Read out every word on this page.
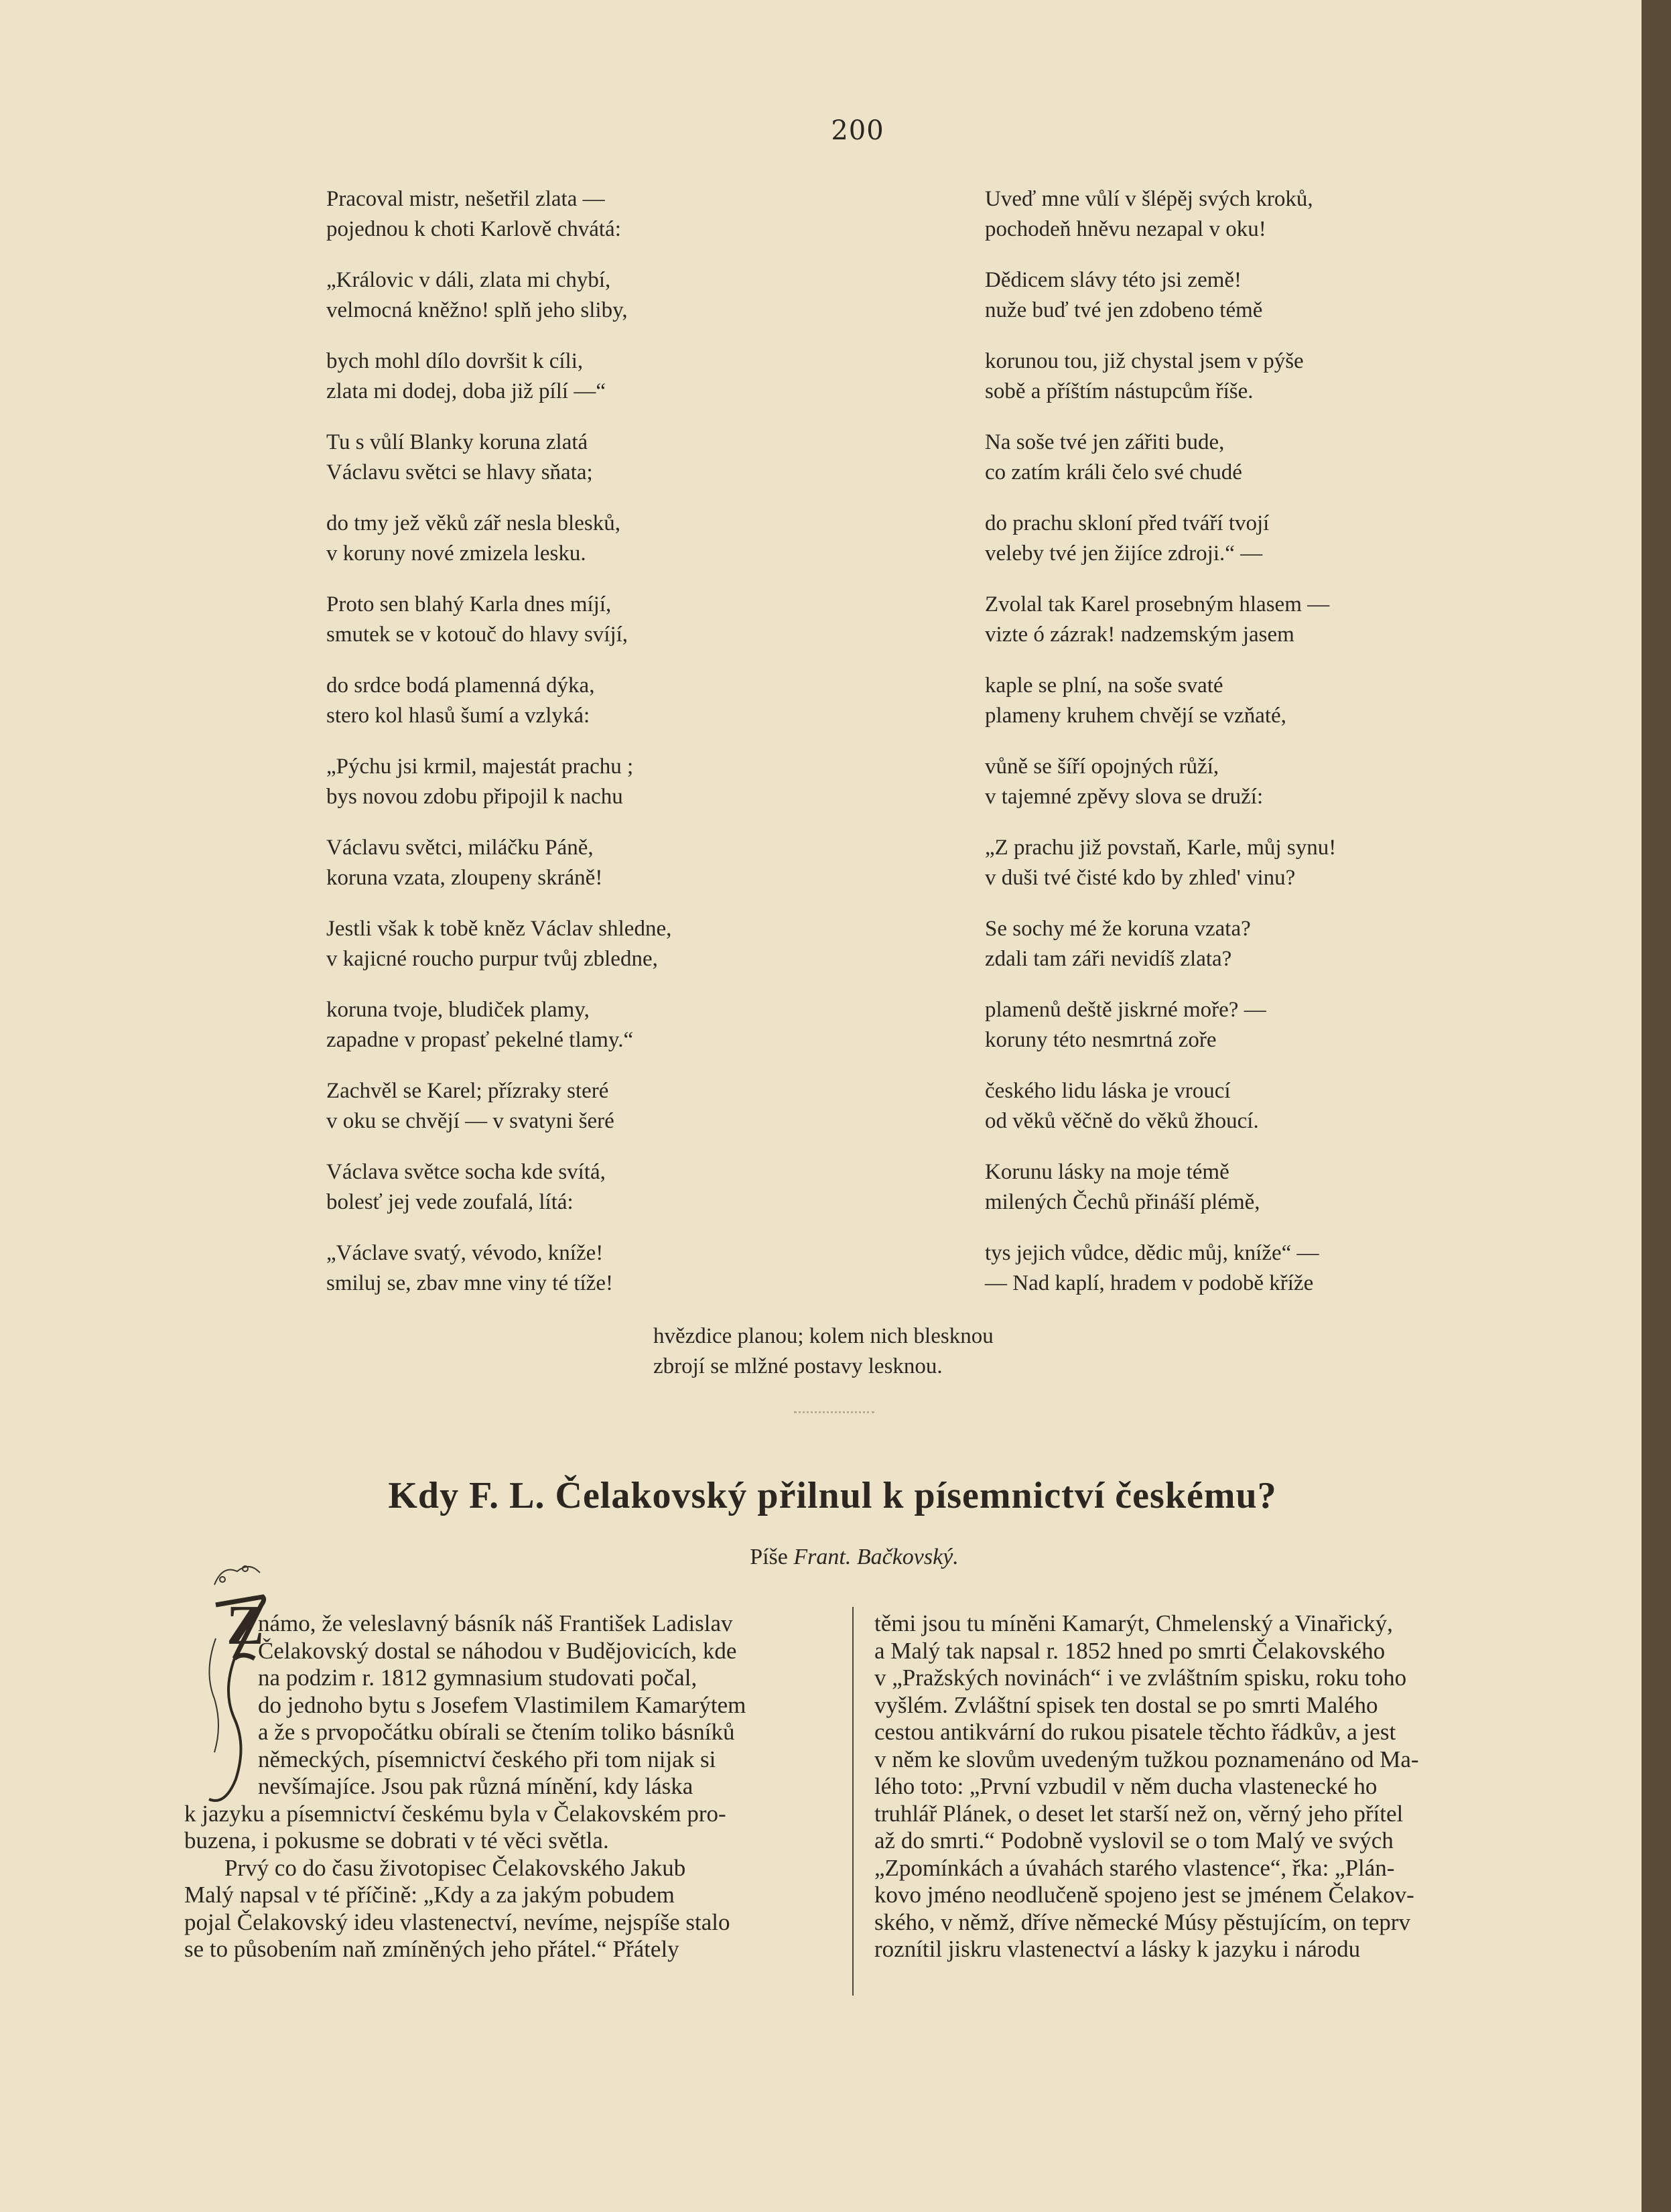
200
Pracoval mistr, nešetřil zlata —
pojednou k choti Karlově chvátá:
„Královic v dáli, zlata mi chybí,
velmocná kněžno! splň jeho sliby,
bych mohl dílo dovršit k cíli,
zlata mi dodej, doba již pílí —“
Tu s vůlí Blanky koruna zlatá
Václavu světci se hlavy sňata;
do tmy jež věků zář nesla blesků,
v koruny nové zmizela lesku.
Proto sen blahý Karla dnes míjí,
smutek se v kotouč do hlavy svíjí,
do srdce bodá plamenná dýka,
stero kol hlasů šumí a vzlyká:
„Pýchu jsi krmil, majestát prachu ;
bys novou zdobu připojil k nachu
Václavu světci, miláčku Páně,
koruna vzata, zloupeny skráně!
Jestli však k tobě kněz Václav shledne,
v kajicné roucho purpur tvůj zbledne,
koruna tvoje, bludiček plamy,
zapadne v propasť pekelné tlamy.“
Zachvěl se Karel; přízraky steré
v oku se chvějí — v svatyni šeré
Václava světce socha kde svítá,
bolesť jej vede zoufalá, lítá:
„Václave svatý, vévodo, kníže!
smiluj se, zbav mne viny té tíže!
Uveď mne vůlí v šlépěj svých kroků,
pochodeň hněvu nezapal v oku!
Dědicem slávy této jsi země!
nuže buď tvé jen zdobeno témě
korunou tou, již chystal jsem v pýše
sobě a příštím nástupcům říše.
Na soše tvé jen zářiti bude,
co zatím králi čelo své chudé
do prachu skloní před tváří tvojí
veleby tvé jen žijíce zdroji.“ —
Zvolal tak Karel prosebným hlasem —
vizte ó zázrak! nadzemským jasem
kaple se plní, na soše svaté
plameny kruhem chvějí se vzňaté,
vůně se šíří opojných růží,
v tajemné zpěvy slova se druží:
„Z prachu již povstaň, Karle, můj synu!
v duši tvé čisté kdo by zhled' vinu?
Se sochy mé že koruna vzata?
zdali tam záři nevidíš zlata?
plamenů deště jiskrné moře? —
koruny této nesmrtná zoře
českého lidu láska je vroucí
od věků věčně do věků žhoucí.
Korunu lásky na moje témě
milených Čechů přináší plémě,
tys jejich vůdce, dědic můj, kníže“ —
— Nad kaplí, hradem v podobě kříže
hvězdice planou; kolem nich blesknou
zbrojí se mlžné postavy lesknou.
Kdy F. L. Čelakovský přilnul k písemnictví českému?
Píše Frant. Bačkovský.
Z
námo, že veleslavný básník náš František Ladislav
Čelakovský dostal se náhodou v Budějovicích, kde
na podzim r. 1812 gymnasium studovati počal,
do jednoho bytu s Josefem Vlastimilem Kamarýtem
a že s prvopočátku obírali se čtením toliko básníků
německých, písemnictví českého při tom nijak si
nevšímajíce. Jsou pak různá mínění, kdy láska
k jazyku a písemnictví českému byla v Čelakovském pro-
buzena, i pokusme se dobrati v té věci světla.
Prvý co do času životopisec Čelakovského Jakub
Malý napsal v té příčině: „Kdy a za jakým pobudem
pojal Čelakovský ideu vlastenectví, nevíme, nejspíše stalo
se to působením naň zmíněných jeho přátel.“ Přátely
těmi jsou tu míněni Kamarýt, Chmelenský a Vinařický,
a Malý tak napsal r. 1852 hned po smrti Čelakovského
v „Pražských novinách“ i ve zvláštním spisku, roku toho
vyšlém. Zvláštní spisek ten dostal se po smrti Malého
cestou antikvární do rukou pisatele těchto řádkův, a jest
v něm ke slovům uvedeným tužkou poznamenáno od Ma-
lého toto: „První vzbudil v něm ducha vlastenecké ho
truhlář Plánek, o deset let starší než on, věrný jeho přítel
až do smrti.“ Podobně vyslovil se o tom Malý ve svých
„Zpomínkách a úvahách starého vlastence“, řka: „Plán-
kovo jméno neodlučeně spojeno jest se jménem Čelakov-
ského, v němž, dříve německé Músy pěstujícím, on teprv
roznítil jiskru vlastenectví a lásky k jazyku i národu
